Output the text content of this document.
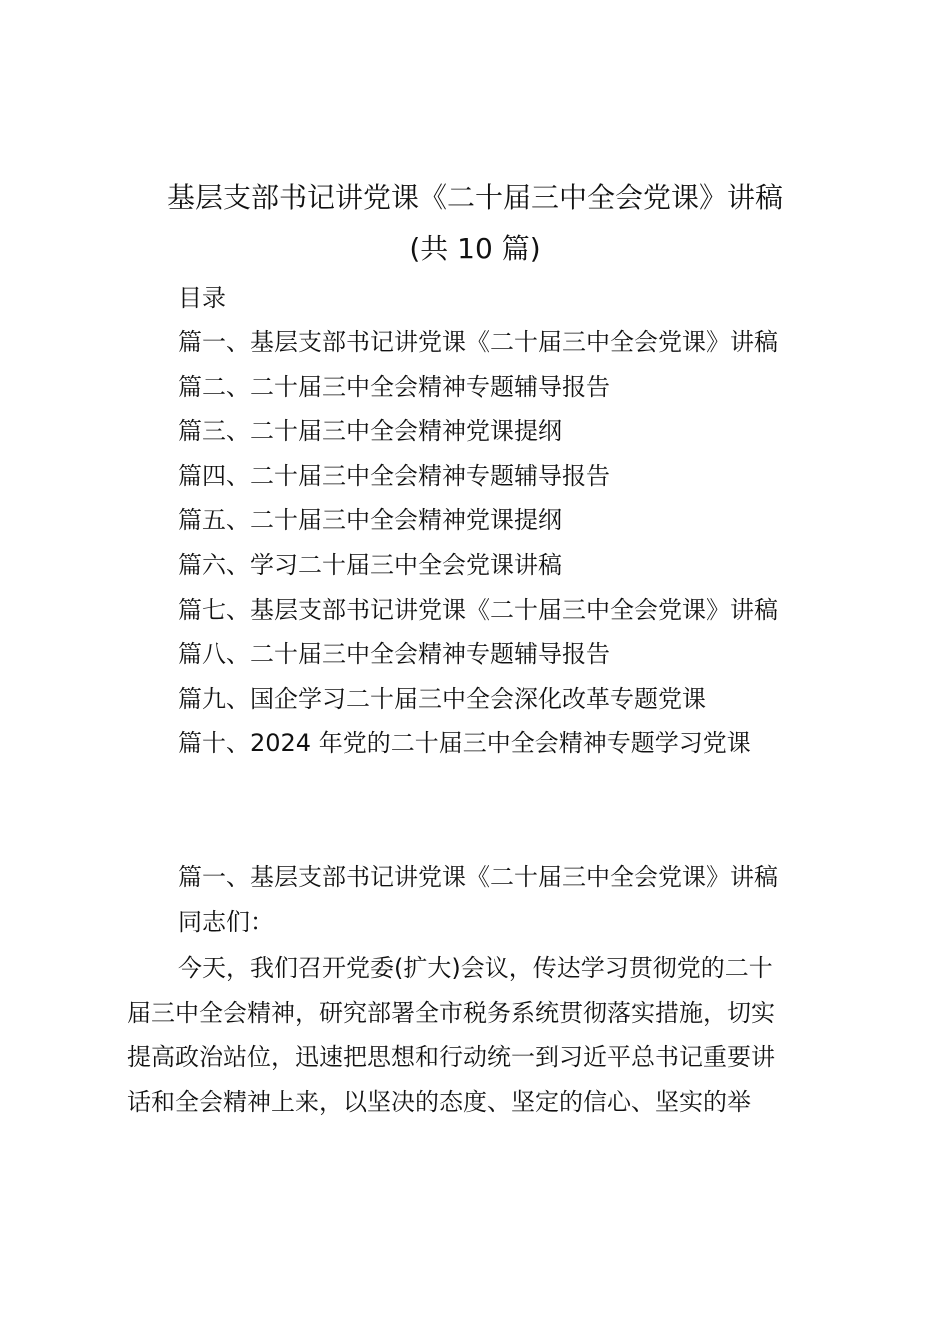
基层支部书记讲党课《二十届三中全会党课》讲稿
(共 10 篇)
目录
篇一、基层支部书记讲党课《二十届三中全会党课》讲稿
篇二、二十届三中全会精神专题辅导报告
篇三、二十届三中全会精神党课提纲
篇四、二十届三中全会精神专题辅导报告
篇五、二十届三中全会精神党课提纲
篇六、学习二十届三中全会党课讲稿
篇七、基层支部书记讲党课《二十届三中全会党课》讲稿
篇八、二十届三中全会精神专题辅导报告
篇九、国企学习二十届三中全会深化改革专题党课
篇十、2024 年党的二十届三中全会精神专题学习党课
篇一、基层支部书记讲党课《二十届三中全会党课》讲稿
同志们：
今天，我们召开党委(扩大)会议，传达学习贯彻党的二十
届三中全会精神，研究部署全市税务系统贯彻落实措施，切实
提高政治站位，迅速把思想和行动统一到习近平总书记重要讲
话和全会精神上来，以坚决的态度、坚定的信心、坚实的举
